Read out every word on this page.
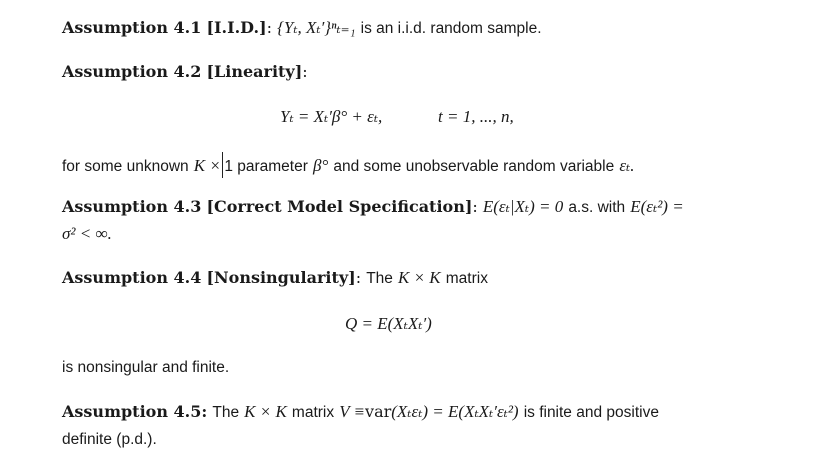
Assumption 4.1 [I.I.D.]: {Yₜ, Xₜ′}ⁿₜ₌₁ is an i.i.d. random sample.
Assumption 4.2 [Linearity]:
Yₜ = Xₜ′β° + εₜ,	t = 1, ..., n,
for some unknown K × 1 parameter β° and some unobservable random variable εₜ.
Assumption 4.3 [Correct Model Specification]: E(εₜ|Xₜ) = 0 a.s. with E(εₜ²) =
σ² < ∞.
Assumption 4.4 [Nonsingularity]: The K × K matrix
Q = E(XₜXₜ′)
is nonsingular and finite.
Assumption 4.5: The K × K matrix V ≡var(Xₜεₜ) = E(XₜXₜ′εₜ²) is finite and positive
definite (p.d.).
